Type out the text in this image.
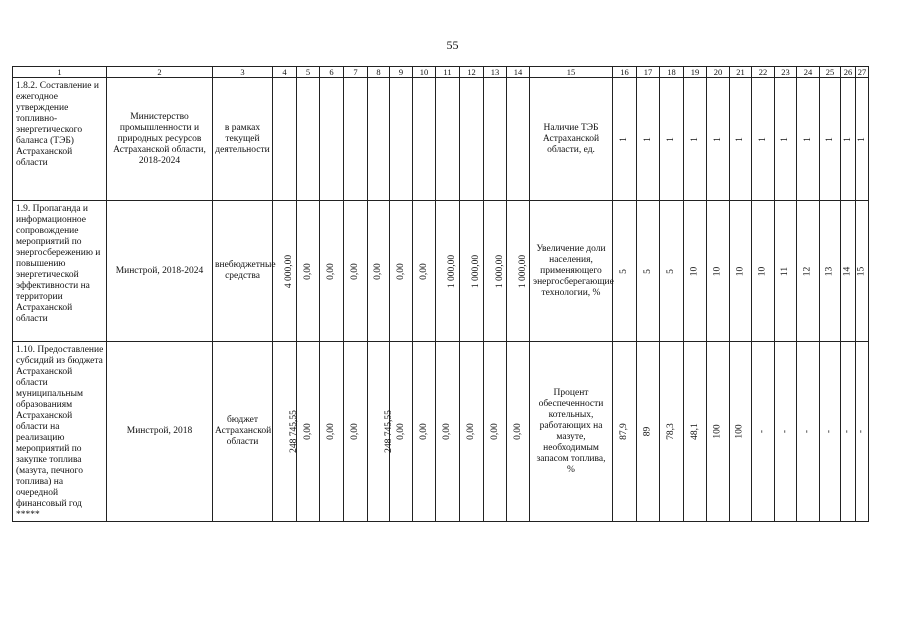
55
1	2	3	4	5	6	7	8	9	10	11	12	13	14	15	16	17	18	19	20	21	22	23	24	25	26	27
1.8.2. Составление и ежегодное утверждение топливно-энергетического баланса (ТЭБ) Астраханской области	Министерство промышленности и природных ресурсов Астраханской области, 2018-2024	в рамках текущей деятельности												Наличие ТЭБ Астраханской области, ед.	1	1	1	1	1	1	1	1	1	1	1	1
1.9. Пропаганда и информационное сопровождение мероприятий по энергосбережению и повышению энергетической эффективности на территории Астраханской области	Минстрой, 2018-2024	внебюджетные средства	4 000,00	0,00	0,00	0,00	0,00	0,00	0,00	1 000,00	1 000,00	1 000,00	1 000,00	Увеличение доли населения, применяющего энергосберегающие технологии, %	5	5	5	10	10	10	10	11	12	13	14	15
1.10. Предоставление субсидий из бюджета Астраханской области муниципальным образованиям Астраханской области на реализацию мероприятий по закупке топлива (мазута, печного топлива) на очередной финансовый год *****	Минстрой, 2018	бюджет Астраханской области	248 745,55	0,00	0,00	0,00	248 745,55	0,00	0,00	0,00	0,00	0,00	0,00	Процент обеспеченности котельных, работающих на мазуте, необходимым запасом топлива, %	87,9	89	78,3	48,1	100	100	-	-	-	-	-	-
